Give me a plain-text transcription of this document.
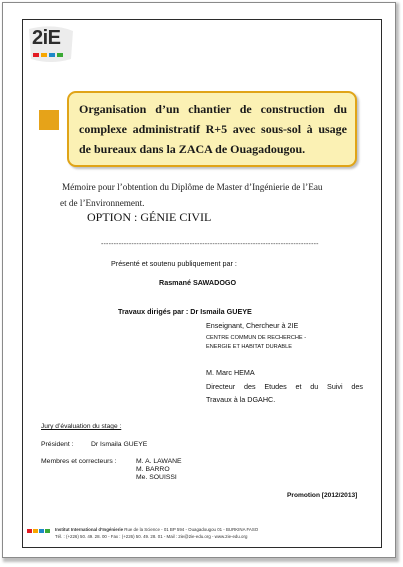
2iE
Organisation d’un chantier de construction du
complexe administratif R+5 avec sous-sol à usage
de bureaux dans la ZACA de Ouagadougou.
Mémoire pour l’obtention du Diplôme de Master d’Ingénierie de l’Eau
et de l’Environnement.
OPTION : GÉNIE CIVIL
--------------------------------------------------------------------------------------
Présenté et soutenu publiquement par :
Rasmané SAWADOGO
Travaux dirigés par : Dr Ismaila GUEYE
Enseignant, Chercheur à 2IE
CENTRE COMMUN DE RECHERCHE -
ENERGIE ET HABITAT DURABLE
M. Marc HEMA
Directeur des Etudes et du Suivi des
Travaux à la DGAHC.
Jury d’évaluation du stage :
Président :	Dr Ismaila GUEYE
Membres et correcteurs :	M. A. LAWANE
M. BARRO
Me. SOUISSI
Promotion [2012/2013]
Institut International d’Ingénierie Rue de la Science - 01 BP 594 - Ouagadougou 01 - BURKINA FASO
Tél. : (+226) 50. 49. 28. 00 - Fax : (+226) 50. 49. 28. 01 - Mail : 2ie@2ie-edu.org - www.2ie-edu.org
